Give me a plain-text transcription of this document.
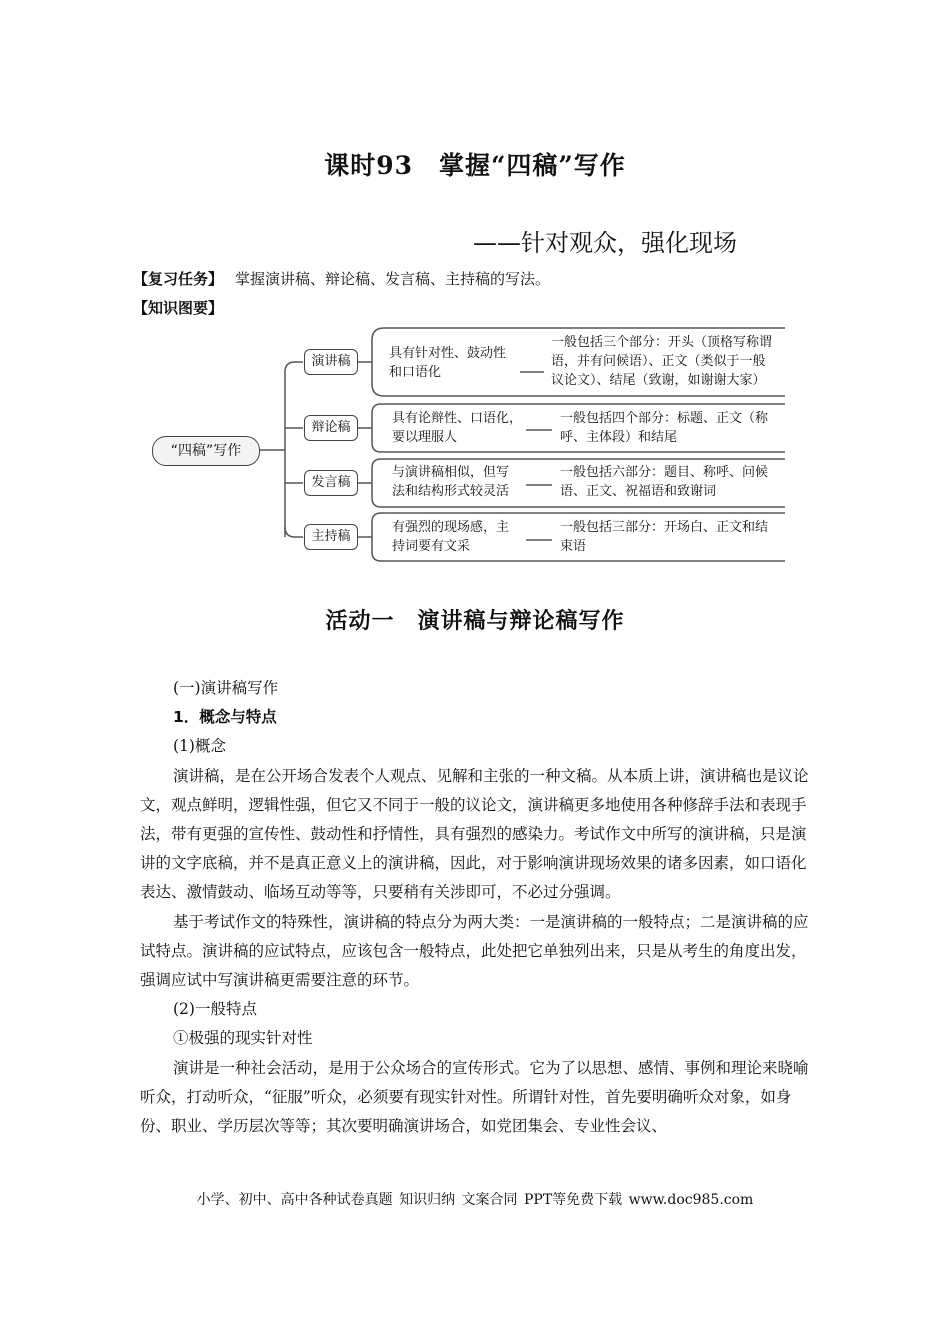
课时93　掌握“四稿”写作
——针对观众，强化现场
【复习任务】 掌握演讲稿、辩论稿、发言稿、主持稿的写法。
【知识图要】
“四稿”写作
演讲稿
辩论稿
发言稿
主持稿
具有针对性、鼓动性
和口语化
一般包括三个部分：开头（顶格写称谓
语，并有问候语）、正文（类似于一般
议论文）、结尾（致谢，如谢谢大家）
具有论辩性、口语化，
要以理服人
一般包括四个部分：标题、正文（称
呼、主体段）和结尾
与演讲稿相似，但写
法和结构形式较灵活
一般包括六部分：题目、称呼、问候
语、正文、祝福语和致谢词
有强烈的现场感，主
持词要有文采
一般包括三部分：开场白、正文和结
束语
活动一　演讲稿与辩论稿写作

(一)演讲稿写作

1．概念与特点

(1)概念

演讲稿，是在公开场合发表个人观点、见解和主张的一种文稿。从本质上讲，演讲稿也是议论文，观点鲜明，逻辑性强，但它又不同于一般的议论文，演讲稿更多地使用各种修辞手法和表现手法，带有更强的宣传性、鼓动性和抒情性，具有强烈的感染力。考试作文中所写的演讲稿，只是演讲的文字底稿，并不是真正意义上的演讲稿，因此，对于影响演讲现场效果的诸多因素，如口语化表达、激情鼓动、临场互动等等，只要稍有关涉即可，不必过分强调。

基于考试作文的特殊性，演讲稿的特点分为两大类：一是演讲稿的一般特点；二是演讲稿的应试特点。演讲稿的应试特点，应该包含一般特点，此处把它单独列出来，只是从考生的角度出发，强调应试中写演讲稿更需要注意的环节。

(2)一般特点

①极强的现实针对性

演讲是一种社会活动，是用于公众场合的宣传形式。它为了以思想、感情、事例和理论来晓喻听众，打动听众，“征服”听众，必须要有现实针对性。所谓针对性，首先要明确听众对象，如身份、职业、学历层次等等；其次要明确演讲场合，如党团集会、专业性会议、

小学、初中、高中各种试卷真题 知识归纳 文案合同 PPT等免费下载 www.doc985.com
